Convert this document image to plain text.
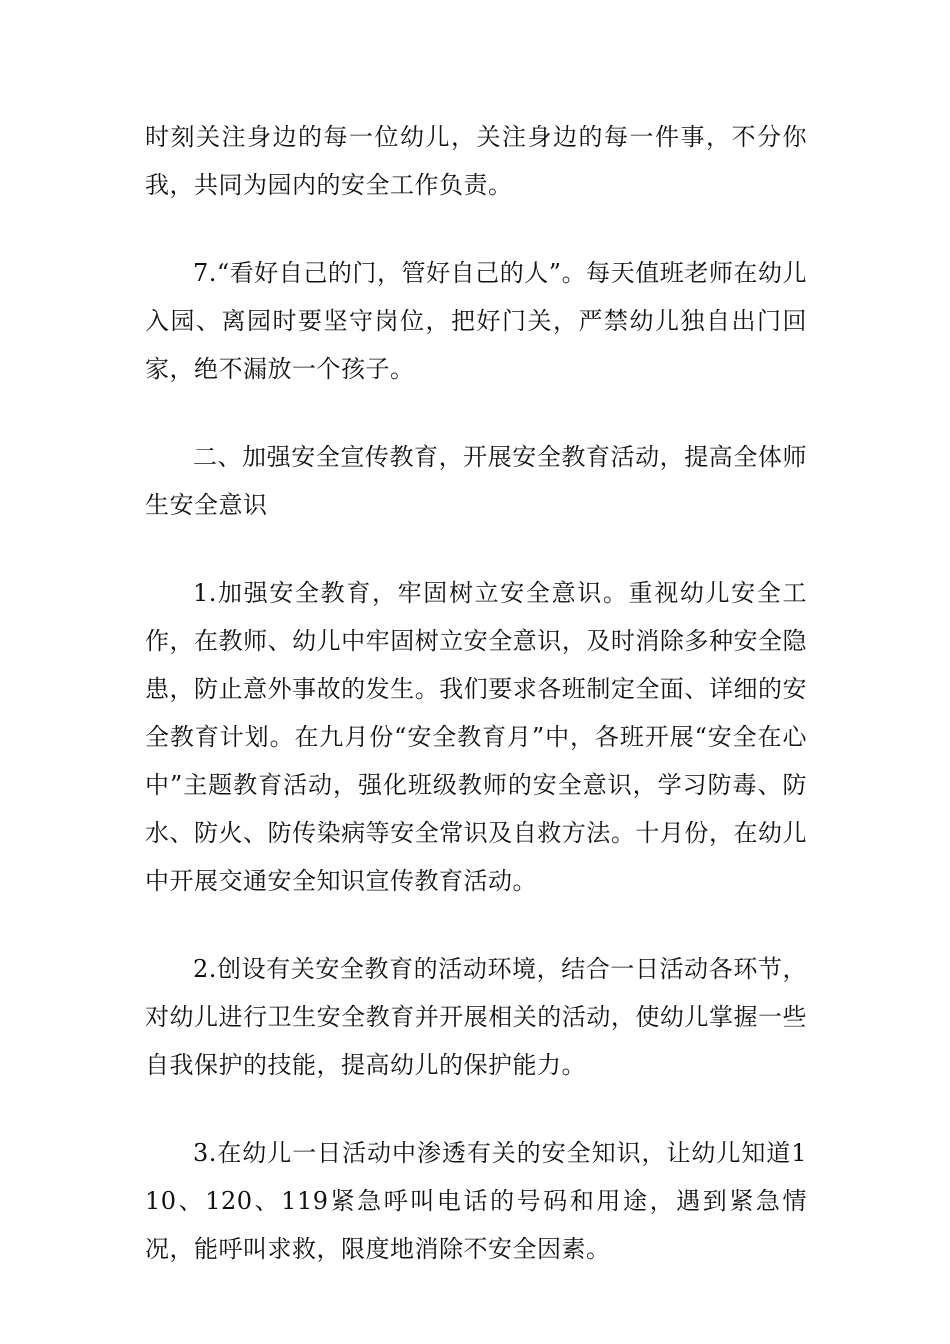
时刻关注身边的每一位幼儿，关注身边的每一件事，不分你我，共同为园内的安全工作负责。

7.“看好自己的门，管好自己的人”。每天值班老师在幼儿入园、离园时要坚守岗位，把好门关，严禁幼儿独自出门回家，绝不漏放一个孩子。

二、加强安全宣传教育，开展安全教育活动，提高全体师生安全意识

1.加强安全教育，牢固树立安全意识。重视幼儿安全工作，在教师、幼儿中牢固树立安全意识，及时消除多种安全隐患，防止意外事故的发生。我们要求各班制定全面、详细的安全教育计划。在九月份“安全教育月”中，各班开展“安全在心中”主题教育活动，强化班级教师的安全意识，学习防毒、防水、防火、防传染病等安全常识及自救方法。十月份，在幼儿中开展交通安全知识宣传教育活动。

2.创设有关安全教育的活动环境，结合一日活动各环节，对幼儿进行卫生安全教育并开展相关的活动，使幼儿掌握一些自我保护的技能，提高幼儿的保护能力。

3.在幼儿一日活动中渗透有关的安全知识，让幼儿知道110、120、119紧急呼叫电话的号码和用途，遇到紧急情况，能呼叫求救，限度地消除不安全因素。
